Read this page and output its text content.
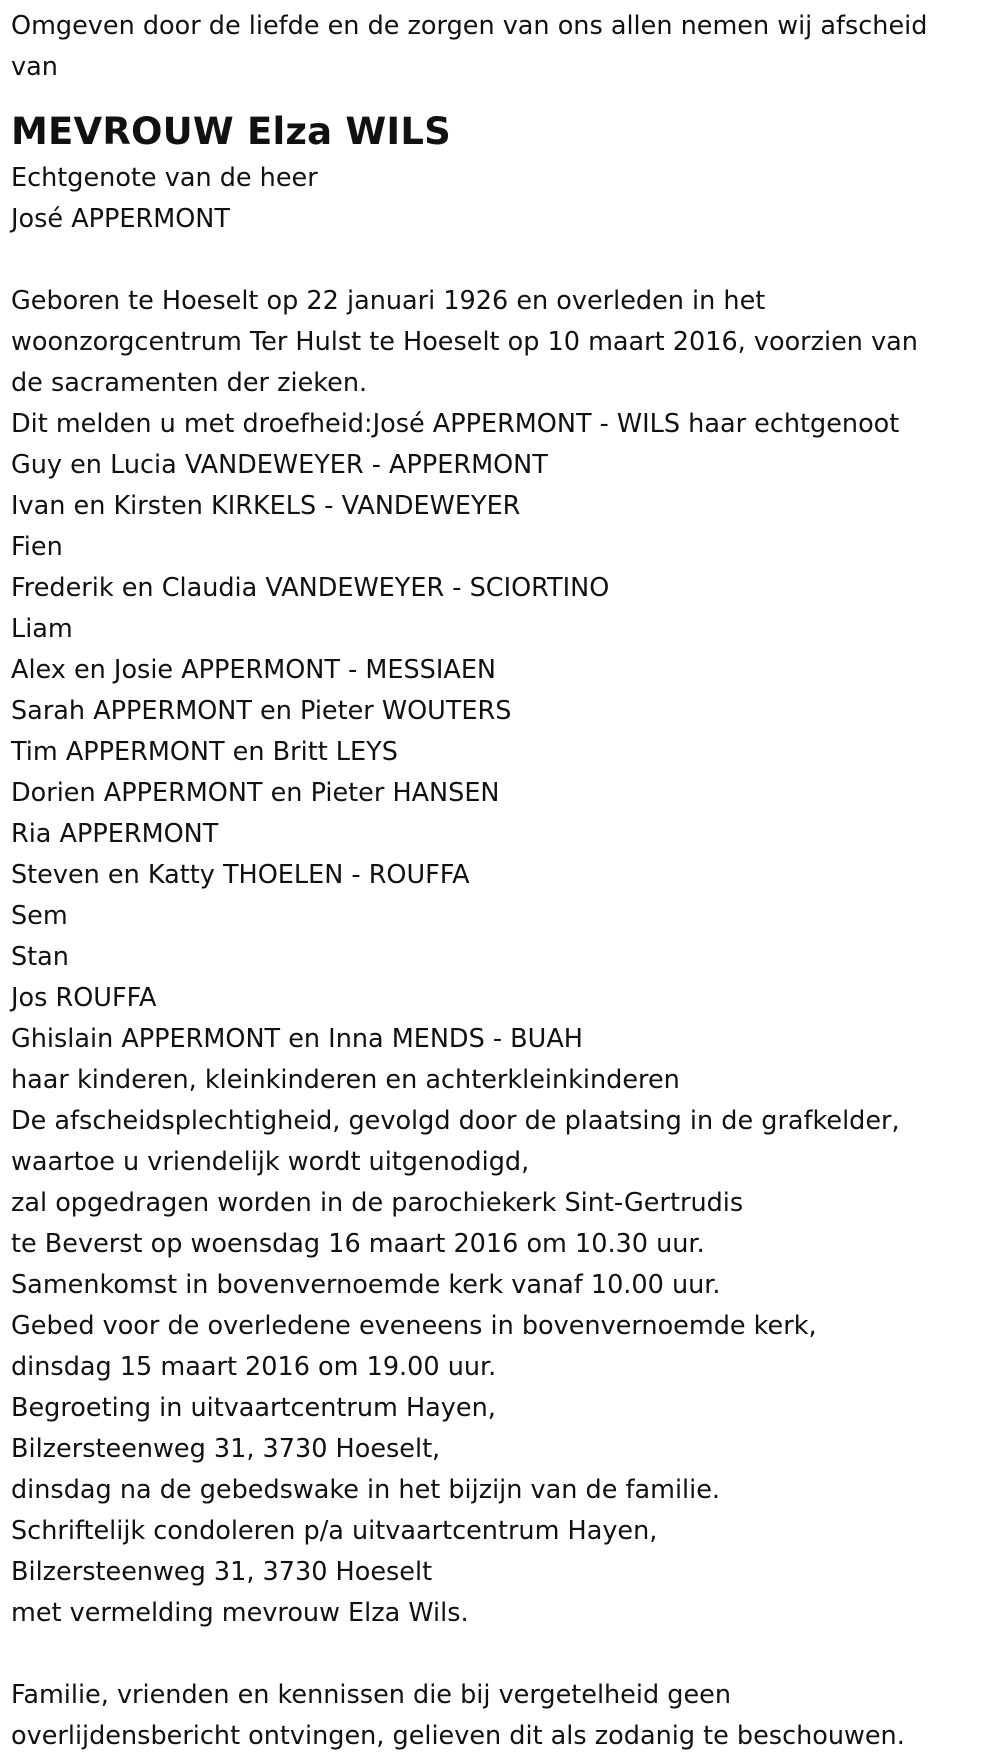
Omgeven door de liefde en de zorgen van ons allen nemen wij afscheid

van

MEVROUW Elza WILS

Echtgenote van de heer

José APPERMONT

Geboren te Hoeselt op 22 januari 1926 en overleden in het

woonzorgcentrum Ter Hulst te Hoeselt op 10 maart 2016, voorzien van

de sacramenten der zieken.

Dit melden u met droefheid:José APPERMONT - WILS haar echtgenoot

Guy en Lucia VANDEWEYER - APPERMONT

Ivan en Kirsten KIRKELS - VANDEWEYER

Fien

Frederik en Claudia VANDEWEYER - SCIORTINO

Liam

Alex en Josie APPERMONT - MESSIAEN

Sarah APPERMONT en Pieter WOUTERS

Tim APPERMONT en Britt LEYS

Dorien APPERMONT en Pieter HANSEN

Ria APPERMONT

Steven en Katty THOELEN - ROUFFA

Sem

Stan

Jos ROUFFA

Ghislain APPERMONT en Inna MENDS - BUAH

haar kinderen, kleinkinderen en achterkleinkinderen

De afscheidsplechtigheid, gevolgd door de plaatsing in de grafkelder,

waartoe u vriendelijk wordt uitgenodigd,

zal opgedragen worden in de parochiekerk Sint-Gertrudis

te Beverst op woensdag 16 maart 2016 om 10.30 uur.

Samenkomst in bovenvernoemde kerk vanaf 10.00 uur.

Gebed voor de overledene eveneens in bovenvernoemde kerk,

dinsdag 15 maart 2016 om 19.00 uur.

Begroeting in uitvaartcentrum Hayen,

Bilzersteenweg 31, 3730 Hoeselt,

dinsdag na de gebedswake in het bijzijn van de familie.

Schriftelijk condoleren p/a uitvaartcentrum Hayen,

Bilzersteenweg 31, 3730 Hoeselt

met vermelding mevrouw Elza Wils.

Familie, vrienden en kennissen die bij vergetelheid geen

overlijdensbericht ontvingen, gelieven dit als zodanig te beschouwen.
